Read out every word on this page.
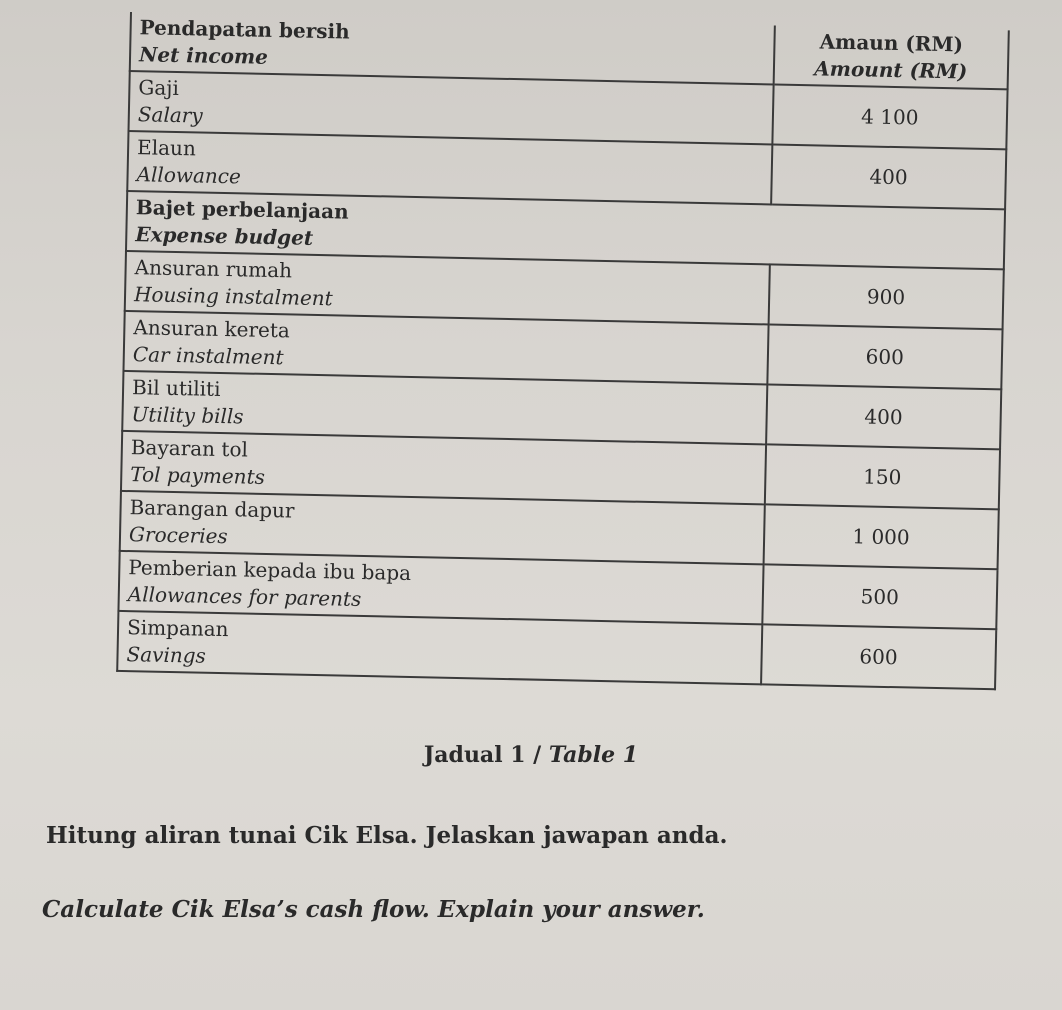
Pendapatan bersih
Net income	Amaun (RM)
Amount (RM)

Gaji
Salary	4 100

Elaun
Allowance	400

Bajet perbelanjaan
Expense budget	

Ansuran rumah
Housing instalment	900

Ansuran kereta
Car instalment	600

Bil utiliti
Utility bills	400

Bayaran tol
Tol payments	150

Barangan dapur
Groceries	1 000

Pemberian kepada ibu bapa
Allowances for parents	500

Simpanan
Savings	600
Jadual 1 / Table 1
Hitung aliran tunai Cik Elsa. Jelaskan jawapan anda.
Calculate Cik Elsa’s cash flow. Explain your answer.
